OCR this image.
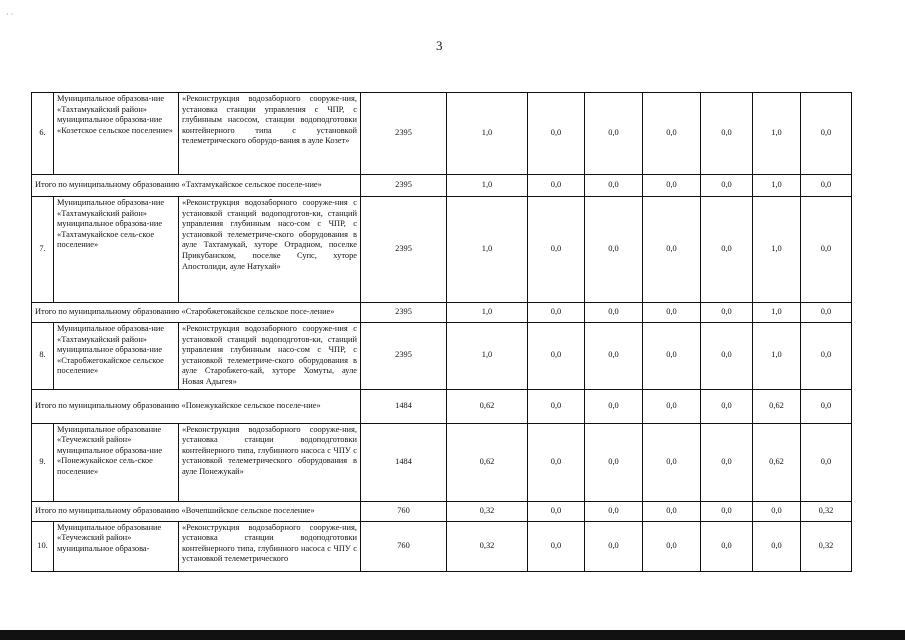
· ·
3
6.	Муниципальное образова-ние «Тахтамукайский район» муниципальное образова-ние «Козетское сельское поселение»	«Реконструкция водозаборного сооруже-ния, установка станции управления с ЧПР, с глубинным насосом, станции водоподготовки контейнерного типа с установкой телеметрического оборудо-вания в ауле Козет»	2395	1,0	0,0	0,0	0,0	0,0	1,0	0,0
Итого по муниципальному образованию «Тахтамукайское сельское поселе-ние»			2395	1,0	0,0	0,0	0,0	0,0	1,0	0,0
7.	Муниципальное образова-ние «Тахтамукайский район» муниципальное образова-ние «Тахтамукайское сель-ское поселение»	«Реконструкция водозаборного сооруже-ния с установкой станций водоподготов-ки, станций управления глубинным насо-сом с ЧПР, с установкой телеметриче-ского оборудования в ауле Тахтамукай, хуторе Отрадном, поселке Прикубанском, поселке Супс, хуторе Апостолиди, ауле Натухай»	2395	1,0	0,0	0,0	0,0	0,0	1,0	0,0
Итого по муниципальному образованию «Старобжегокайское сельское посе-ление»			2395	1,0	0,0	0,0	0,0	0,0	1,0	0,0
8.	Муниципальное образова-ние «Тахтамукайский район» муниципальное образова-ние «Старобжегокайское сельское поселение»	«Реконструкция водозаборного сооруже-ния с установкой станций водоподготов-ки, станций управления глубинным насо-сом с ЧПР, с установкой телеметриче-ского оборудования в ауле Старобжего-кай, хуторе Хомуты, ауле Новая Адыгея»	2395	1,0	0,0	0,0	0,0	0,0	1,0	0,0
Итого по муниципальному образованию «Понежукайское сельское поселе-ние»			1484	0,62	0,0	0,0	0,0	0,0	0,62	0,0
9.	Муниципальное образование «Теучежский район» муниципальное образова-ние «Понежукайское сель-ское поселение»	«Реконструкция водозаборного сооруже-ния, установка станции водоподготовки контейнерного типа, глубинного насоса с ЧПУ с установкой телеметрического оборудования в ауле Понежукай»	1484	0,62	0,0	0,0	0,0	0,0	0,62	0,0
Итого по муниципальному образованию «Вочепшийское сельское поселение»			760	0,32	0,0	0,0	0,0	0,0	0,0	0,32
10.	Муниципальное образование «Теучежский район» муниципальное образова-	«Реконструкция водозаборного сооруже-ния, установка станции водоподготовки контейнерного типа, глубинного насоса с ЧПУ с установкой телеметрического	760	0,32	0,0	0,0	0,0	0,0	0,0	0,32
